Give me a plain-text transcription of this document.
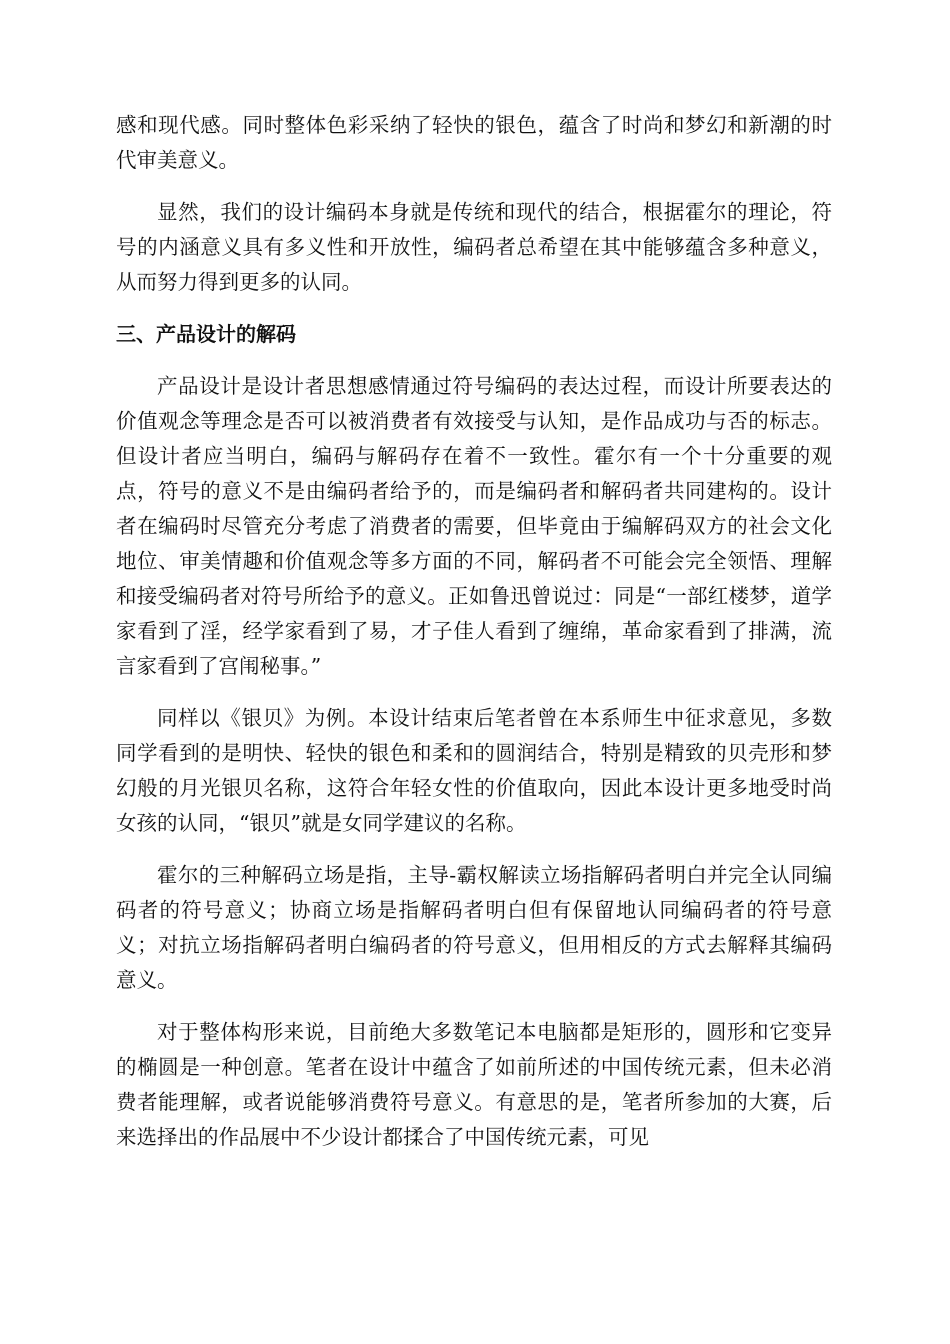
感和现代感。同时整体色彩采纳了轻快的银色，蕴含了时尚和梦幻和新潮的时代审美意义。

显然，我们的设计编码本身就是传统和现代的结合，根据霍尔的理论，符号的内涵意义具有多义性和开放性，编码者总希望在其中能够蕴含多种意义，从而努力得到更多的认同。

三、产品设计的解码

产品设计是设计者思想感情通过符号编码的表达过程，而设计所要表达的价值观念等理念是否可以被消费者有效接受与认知，是作品成功与否的标志。但设计者应当明白，编码与解码存在着不一致性。霍尔有一个十分重要的观点，符号的意义不是由编码者给予的，而是编码者和解码者共同建构的。设计者在编码时尽管充分考虑了消费者的需要，但毕竟由于编解码双方的社会文化地位、审美情趣和价值观念等多方面的不同，解码者不可能会完全领悟、理解和接受编码者对符号所给予的意义。正如鲁迅曾说过：同是“一部红楼梦，道学家看到了淫，经学家看到了易，才子佳人看到了缠绵，革命家看到了排满，流言家看到了宫闱秘事。”

同样以《银贝》为例。本设计结束后笔者曾在本系师生中征求意见，多数同学看到的是明快、轻快的银色和柔和的圆润结合，特别是精致的贝壳形和梦幻般的月光银贝名称，这符合年轻女性的价值取向，因此本设计更多地受时尚女孩的认同，“银贝”就是女同学建议的名称。

霍尔的三种解码立场是指，主导-霸权解读立场指解码者明白并完全认同编码者的符号意义；协商立场是指解码者明白但有保留地认同编码者的符号意义；对抗立场指解码者明白编码者的符号意义，但用相反的方式去解释其编码意义。

对于整体构形来说，目前绝大多数笔记本电脑都是矩形的，圆形和它变异的椭圆是一种创意。笔者在设计中蕴含了如前所述的中国传统元素，但未必消费者能理解，或者说能够消费符号意义。有意思的是，笔者所参加的大赛，后来选择出的作品展中不少设计都揉合了中国传统元素，可见
